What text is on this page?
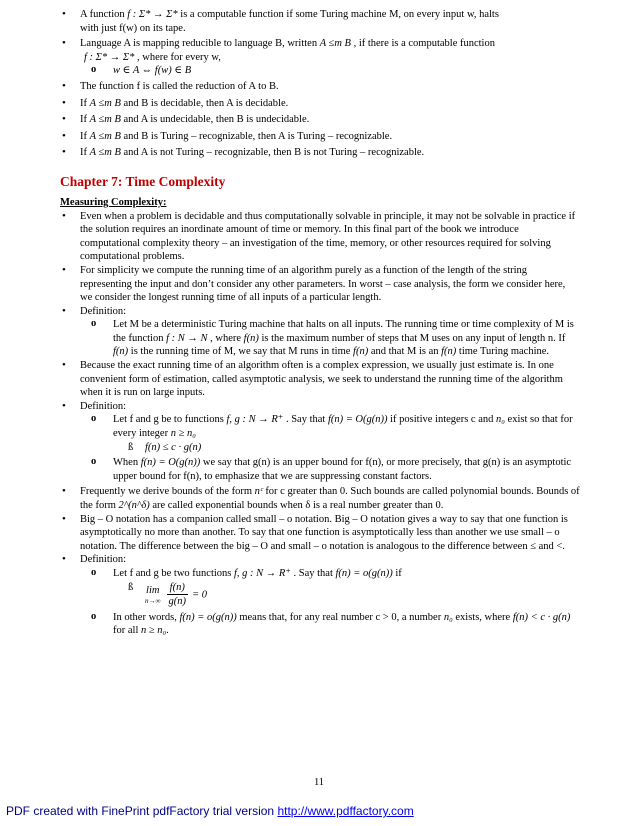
• A function f : Σ* → Σ* is a computable function if some Turing machine M, on every input w, halts
with just f(w) on its tape.
• Language A is mapping reducible to language B, written A ≤m B , if there is a computable function
f : Σ* → Σ* , where for every w,
o w ∈ A ⇔ f(w) ∈ B
• The function f is called the reduction of A to B.
• If A ≤m B and B is decidable, then A is decidable.
• If A ≤m B and A is undecidable, then B is undecidable.
• If A ≤m B and B is Turing – recognizable, then A is Turing – recognizable.
• If A ≤m B and A is not Turing – recognizable, then B is not Turing – recognizable.
Chapter 7: Time Complexity
Measuring Complexity:
• Even when a problem is decidable and thus computationally solvable in principle, it may not be solvable in practice if the solution requires an inordinate amount of time or memory. In this final part of the book we introduce computational complexity theory – an investigation of the time, memory, or other resources required for solving computational problems.
• For simplicity we compute the running time of an algorithm purely as a function of the length of the string representing the input and don’t consider any other parameters. In worst – case analysis, the form we consider here, we consider the longest running time of all inputs of a particular length.
• Definition:
o Let M be a deterministic Turing machine that halts on all inputs. The running time or time complexity of M is the function f : N → N , where f(n) is the maximum number of steps that M uses on any input of length n. If f(n) is the running time of M, we say that M runs in time f(n) and that M is an f(n) time Turing machine.
• Because the exact running time of an algorithm often is a complex expression, we usually just estimate is. In one convenient form of estimation, called asymptotic analysis, we seek to understand the running time of the algorithm when it is run on large inputs.
• Definition:
o Let f and g be to functions f, g : N → R⁺ . Say that f(n) = O(g(n)) if positive integers c and n₀ exist so that for every integer n ≥ n₀
ß f(n) ≤ c · g(n)
o When f(n) = O(g(n)) we say that g(n) is an upper bound for f(n), or more precisely, that g(n) is an asymptotic upper bound for f(n), to emphasize that we are suppressing constant factors.
• Frequently we derive bounds of the form nᶜ for c greater than 0. Such bounds are called polynomial bounds. Bounds of the form 2^(n^δ) are called exponential bounds when δ is a real number greater than 0.
• Big – O notation has a companion called small – o notation. Big – O notation gives a way to say that one function is asymptotically no more than another. To say that one function is asymptotically less than another we use small – o notation. The difference between the big – O and small – o notation is analogous to the difference between ≤ and <.
• Definition:
o Let f and g be two functions f, g : N → R⁺ . Say that f(n) = o(g(n)) if
ß lim
$n\to\infty \frac{f(n)}{g(n)} = 0$
o In other words, f(n) = o(g(n)) means that, for any real number c > 0, a number n₀ exists, where f(n) < c · g(n) for all n ≥ n₀.
11
PDF created with FinePrint pdfFactory trial version http://www.pdffactory.com
